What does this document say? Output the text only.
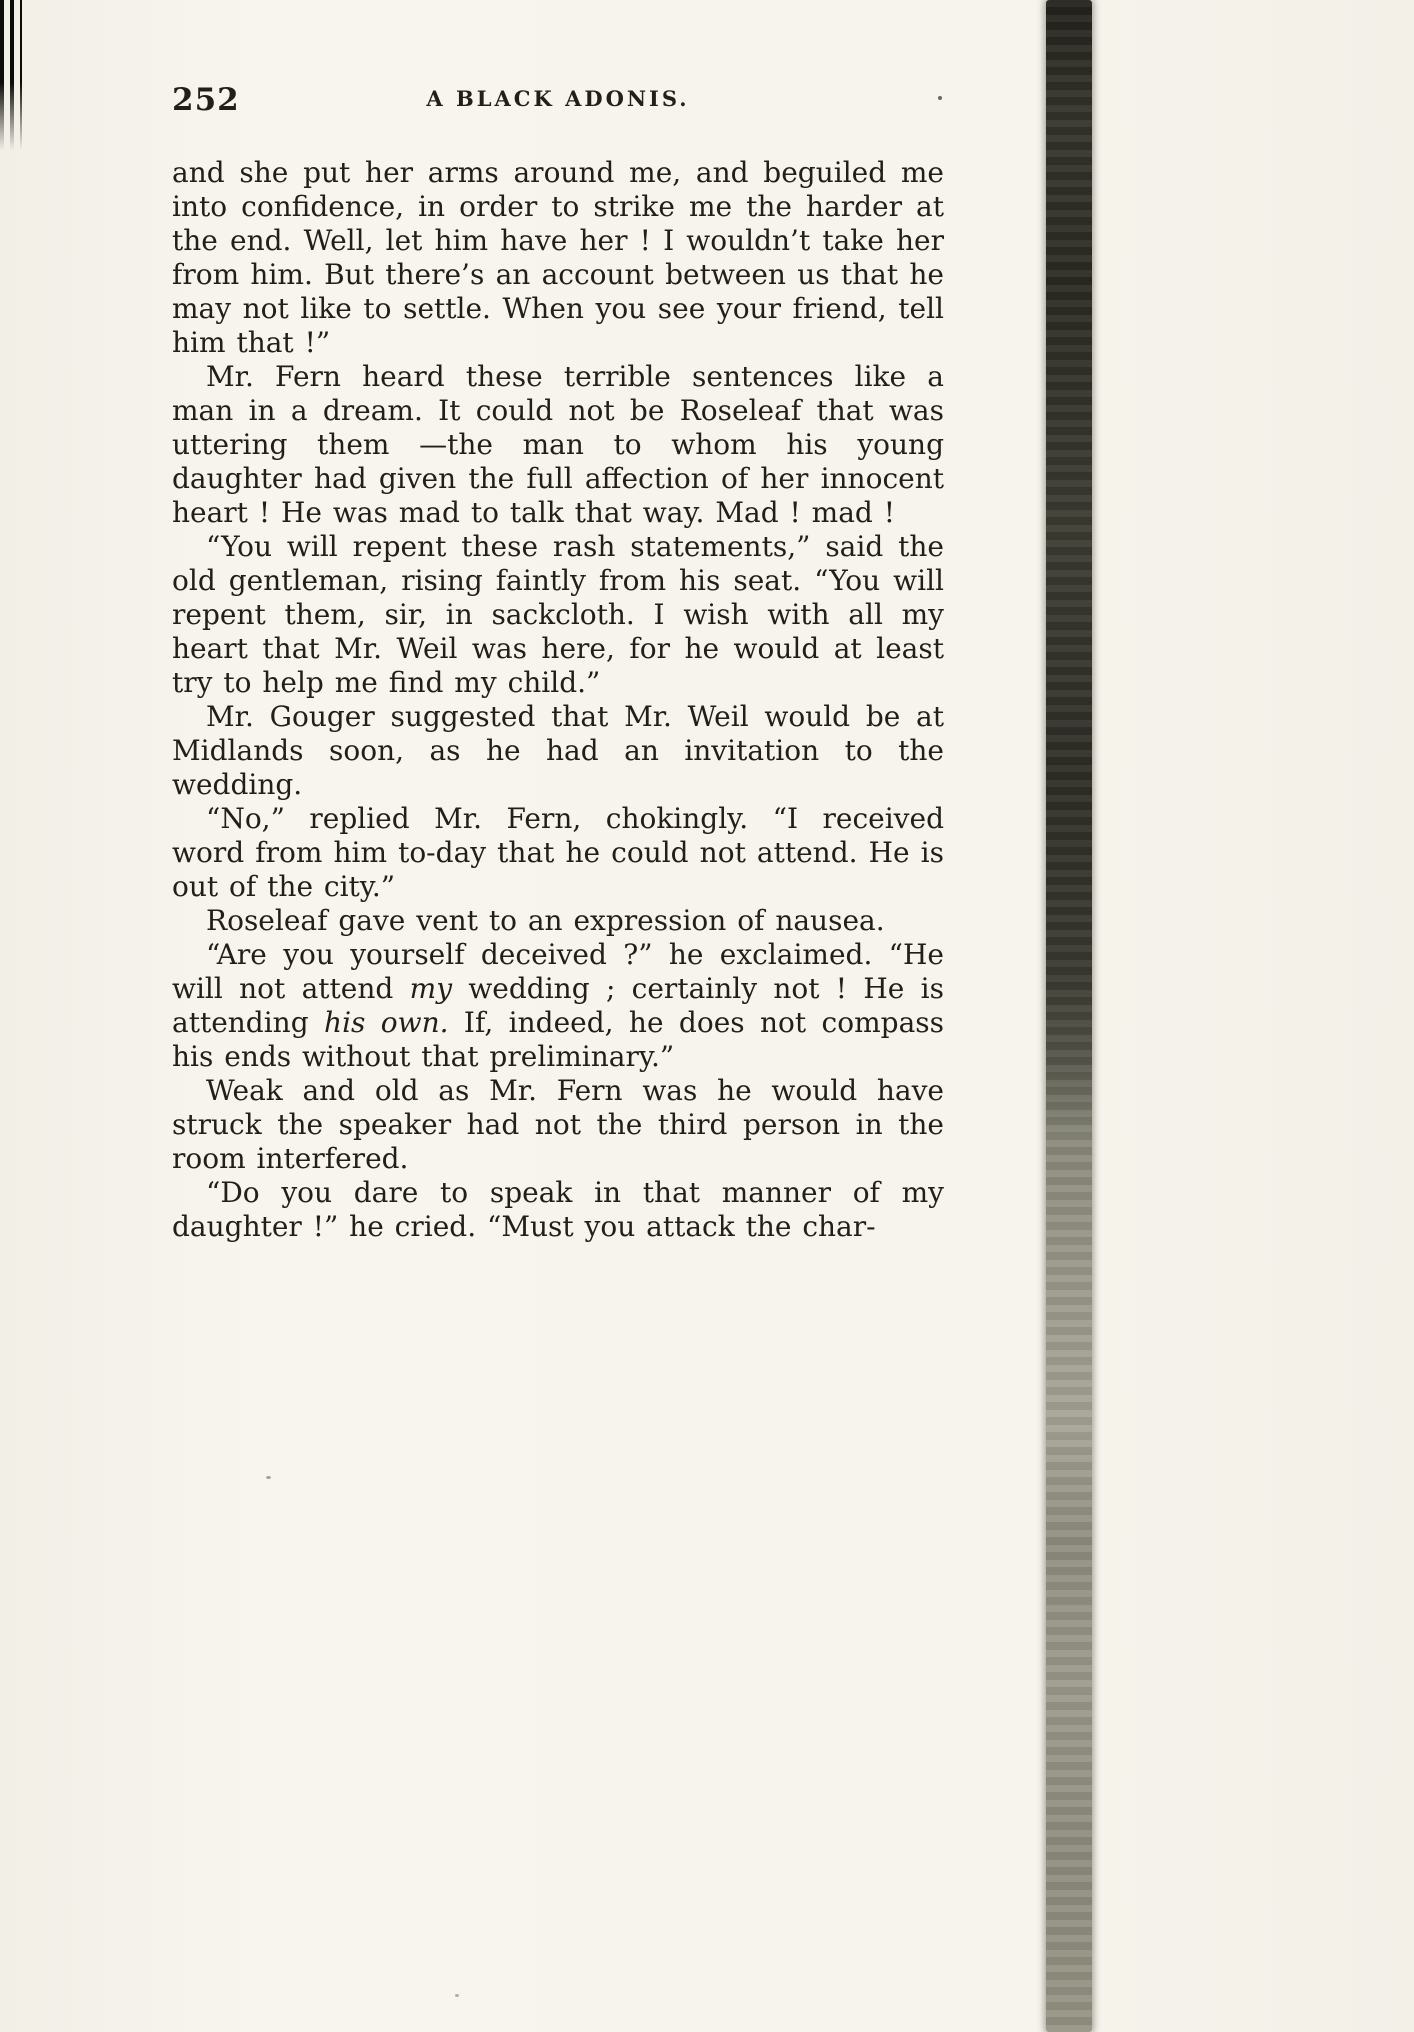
252	A BLACK ADONIS.

and she put her arms around me, and beguiled me into confidence, in order to strike me the harder at the end. Well, let him have her ! I wouldn’t take her from him. But there’s an account between us that he may not like to settle. When you see your friend, tell him that !”

Mr. Fern heard these terrible sentences like a man in a dream. It could not be Roseleaf that was uttering them —the man to whom his young daughter had given the full affection of her innocent heart ! He was mad to talk that way. Mad ! mad !

“You will repent these rash statements,” said the old gentleman, rising faintly from his seat. “You will repent them, sir, in sackcloth. I wish with all my heart that Mr. Weil was here, for he would at least try to help me find my child.”

Mr. Gouger suggested that Mr. Weil would be at Midlands soon, as he had an invitation to the wedding.

“No,” replied Mr. Fern, chokingly. “I received word from him to-day that he could not attend. He is out of the city.”

Roseleaf gave vent to an expression of nausea.

“Are you yourself deceived ?” he exclaimed. “He will not attend my wedding ; certainly not ! He is attending his own. If, indeed, he does not compass his ends without that preliminary.”

Weak and old as Mr. Fern was he would have struck the speaker had not the third person in the room interfered.

“Do you dare to speak in that manner of my daughter !” he cried. “Must you attack the char-
